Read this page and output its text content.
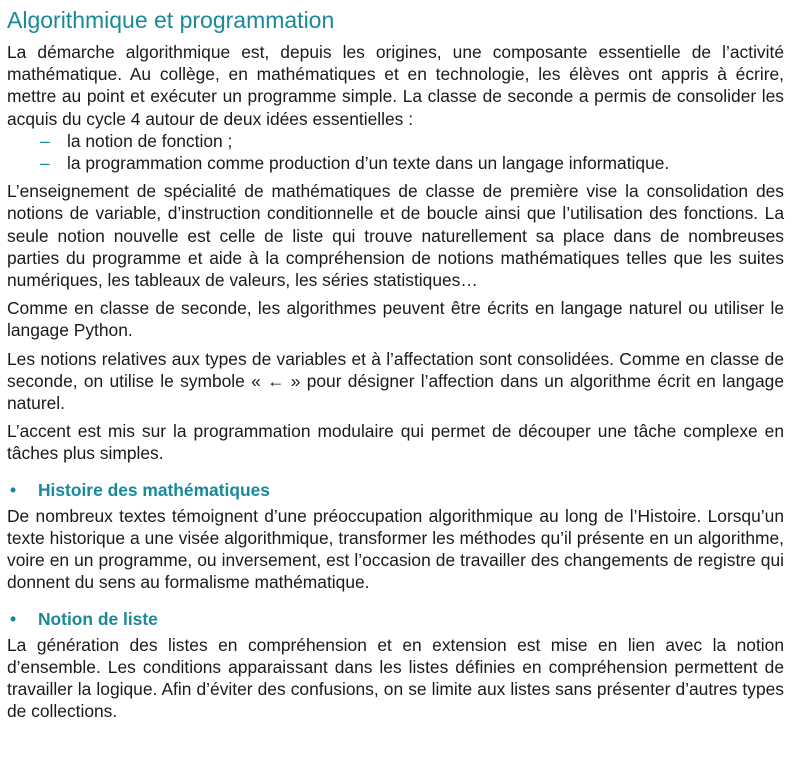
Algorithmique et programmation

La démarche algorithmique est, depuis les origines, une composante essentielle de l’activité mathématique. Au collège, en mathématiques et en technologie, les élèves ont appris à écrire, mettre au point et exécuter un programme simple. La classe de seconde a permis de consolider les acquis du cycle 4 autour de deux idées essentielles :

– la notion de fonction ;
– la programmation comme production d’un texte dans un langage informatique.

L’enseignement de spécialité de mathématiques de classe de première vise la consolidation des notions de variable, d’instruction conditionnelle et de boucle ainsi que l’utilisation des fonctions. La seule notion nouvelle est celle de liste qui trouve naturellement sa place dans de nombreuses parties du programme et aide à la compréhension de notions mathématiques telles que les suites numériques, les tableaux de valeurs, les séries statistiques…

Comme en classe de seconde, les algorithmes peuvent être écrits en langage naturel ou utiliser le langage Python.

Les notions relatives aux types de variables et à l’affectation sont consolidées. Comme en classe de seconde, on utilise le symbole « ← » pour désigner l’affection dans un algorithme écrit en langage naturel.

L’accent est mis sur la programmation modulaire qui permet de découper une tâche complexe en tâches plus simples.

• Histoire des mathématiques

De nombreux textes témoignent d’une préoccupation algorithmique au long de l’Histoire. Lorsqu’un texte historique a une visée algorithmique, transformer les méthodes qu’il présente en un algorithme, voire en un programme, ou inversement, est l’occasion de travailler des changements de registre qui donnent du sens au formalisme mathématique.

• Notion de liste

La génération des listes en compréhension et en extension est mise en lien avec la notion d’ensemble. Les conditions apparaissant dans les listes définies en compréhension permettent de travailler la logique. Afin d’éviter des confusions, on se limite aux listes sans présenter d’autres types de collections.
